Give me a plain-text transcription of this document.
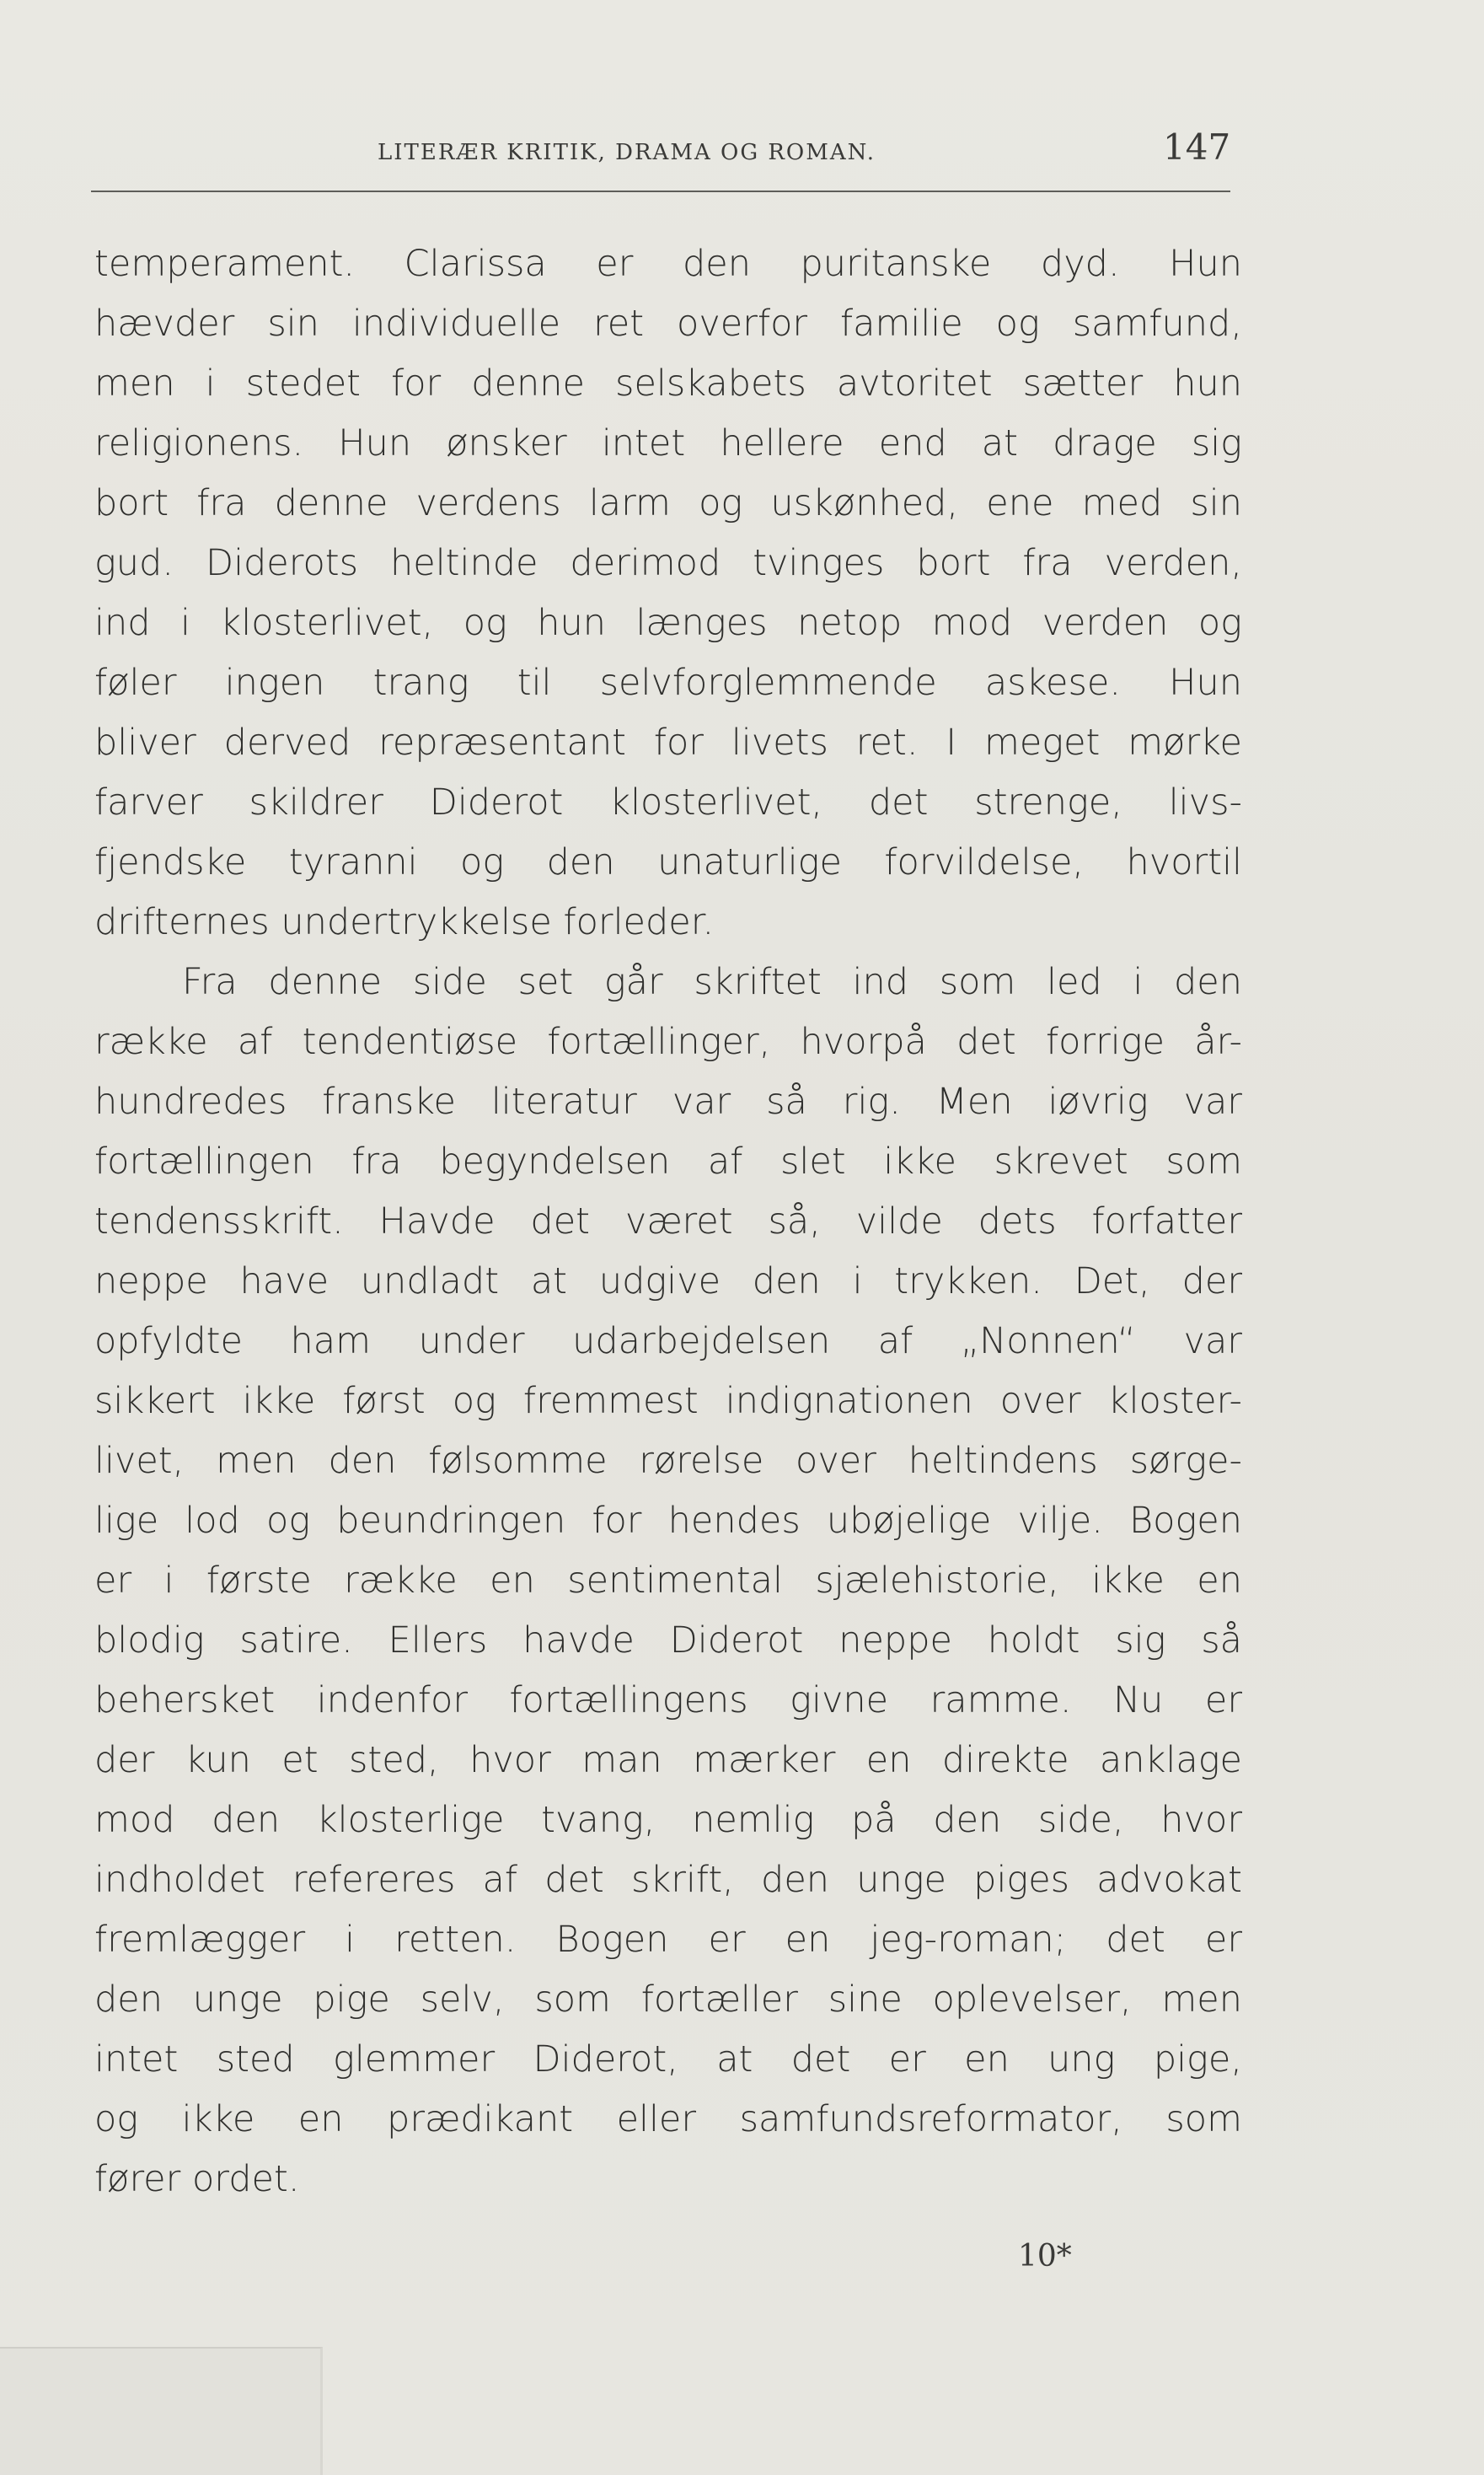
LITERÆR KRITIK, DRAMA OG ROMAN.	147
temperament. Clarissa er den puritanske dyd. Hun
hævder sin individuelle ret overfor familie og samfund,
men i stedet for denne selskabets avtoritet sætter hun
religionens. Hun ønsker intet hellere end at drage sig
bort fra denne verdens larm og uskønhed, ene med sin
gud. Diderots heltinde derimod tvinges bort fra verden,
ind i klosterlivet, og hun længes netop mod verden og
føler ingen trang til selvforglemmende askese. Hun
bliver derved repræsentant for livets ret. I meget mørke
farver skildrer Diderot klosterlivet, det strenge, livs-
fjendske tyranni og den unaturlige forvildelse, hvortil
drifternes undertrykkelse forleder.
Fra denne side set går skriftet ind som led i den
række af tendentiøse fortællinger, hvorpå det forrige år-
hundredes franske literatur var så rig. Men iøvrig var
fortællingen fra begyndelsen af slet ikke skrevet som
tendensskrift. Havde det været så, vilde dets forfatter
neppe have undladt at udgive den i trykken. Det, der
opfyldte ham under udarbejdelsen af „Nonnen“ var
sikkert ikke først og fremmest indignationen over kloster-
livet, men den følsomme rørelse over heltindens sørge-
lige lod og beundringen for hendes ubøjelige vilje. Bogen
er i første række en sentimental sjælehistorie, ikke en
blodig satire. Ellers havde Diderot neppe holdt sig så
behersket indenfor fortællingens givne ramme. Nu er
der kun et sted, hvor man mærker en direkte anklage
mod den klosterlige tvang, nemlig på den side, hvor
indholdet refereres af det skrift, den unge piges advokat
fremlægger i retten. Bogen er en jeg-roman; det er
den unge pige selv, som fortæller sine oplevelser, men
intet sted glemmer Diderot, at det er en ung pige,
og ikke en prædikant eller samfundsreformator, som
fører ordet.
10*
